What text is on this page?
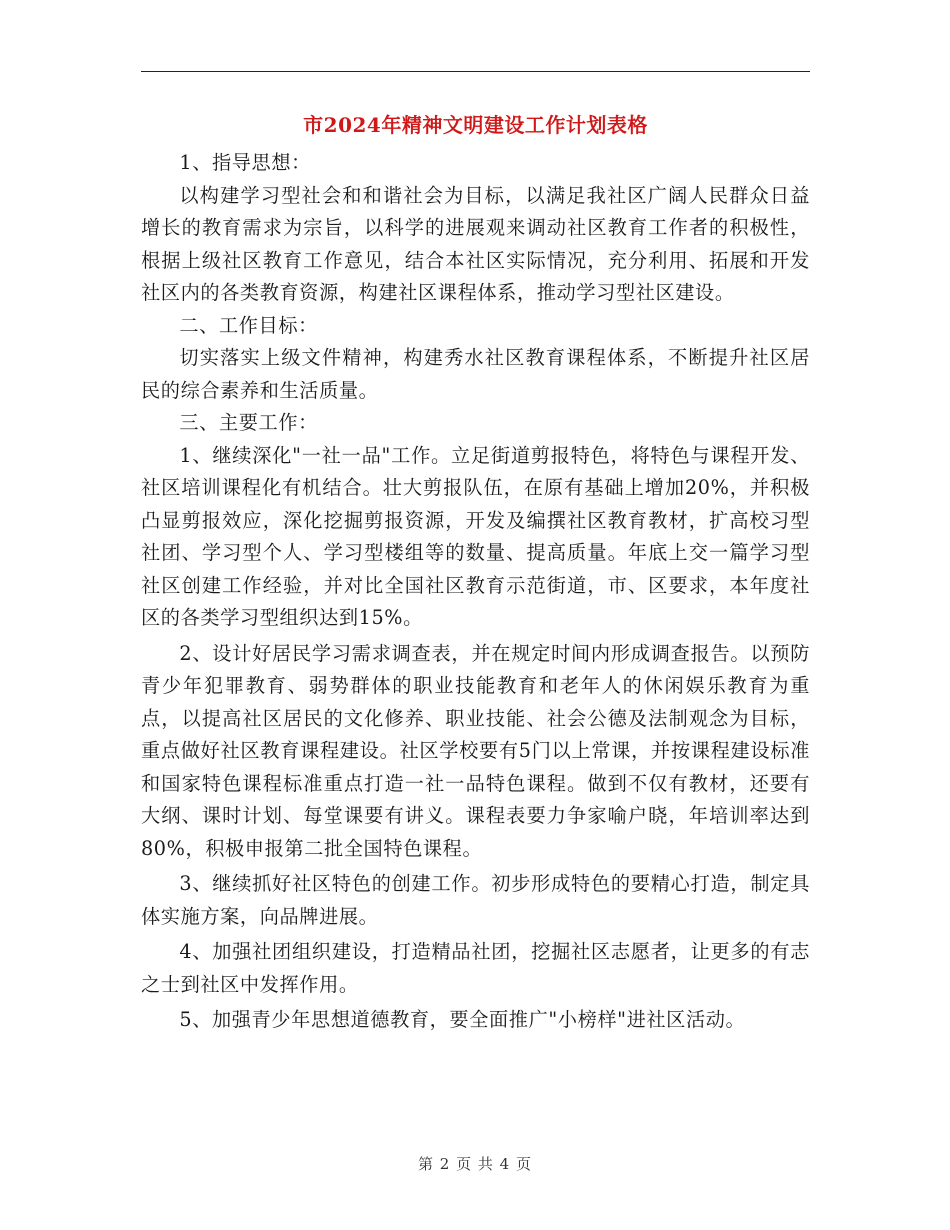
市2024年精神文明建设工作计划表格

1、指导思想：

以构建学习型社会和和谐社会为目标，以满足我社区广阔人民群众日益增长的教育需求为宗旨，以科学的进展观来调动社区教育工作者的积极性，根据上级社区教育工作意见，结合本社区实际情况，充分利用、拓展和开发社区内的各类教育资源，构建社区课程体系，推动学习型社区建设。

二、工作目标：

切实落实上级文件精神，构建秀水社区教育课程体系，不断提升社区居民的综合素养和生活质量。

三、主要工作：

1、继续深化"一社一品"工作。立足街道剪报特色，将特色与课程开发、社区培训课程化有机结合。壮大剪报队伍，在原有基础上增加20%，并积极凸显剪报效应，深化挖掘剪报资源，开发及编撰社区教育教材，扩高校习型社团、学习型个人、学习型楼组等的数量、提高质量。年底上交一篇学习型社区创建工作经验，并对比全国社区教育示范街道，市、区要求，本年度社区的各类学习型组织达到15%。

2、设计好居民学习需求调查表，并在规定时间内形成调查报告。以预防青少年犯罪教育、弱势群体的职业技能教育和老年人的休闲娱乐教育为重点，以提高社区居民的文化修养、职业技能、社会公德及法制观念为目标，重点做好社区教育课程建设。社区学校要有5门以上常课，并按课程建设标准和国家特色课程标准重点打造一社一品特色课程。做到不仅有教材，还要有大纲、课时计划、每堂课要有讲义。课程表要力争家喻户晓，年培训率达到80%，积极申报第二批全国特色课程。

3、继续抓好社区特色的创建工作。初步形成特色的要精心打造，制定具体实施方案，向品牌进展。

4、加强社团组织建设，打造精品社团，挖掘社区志愿者，让更多的有志之士到社区中发挥作用。

5、加强青少年思想道德教育，要全面推广"小榜样"进社区活动。

第 2 页 共 4 页
